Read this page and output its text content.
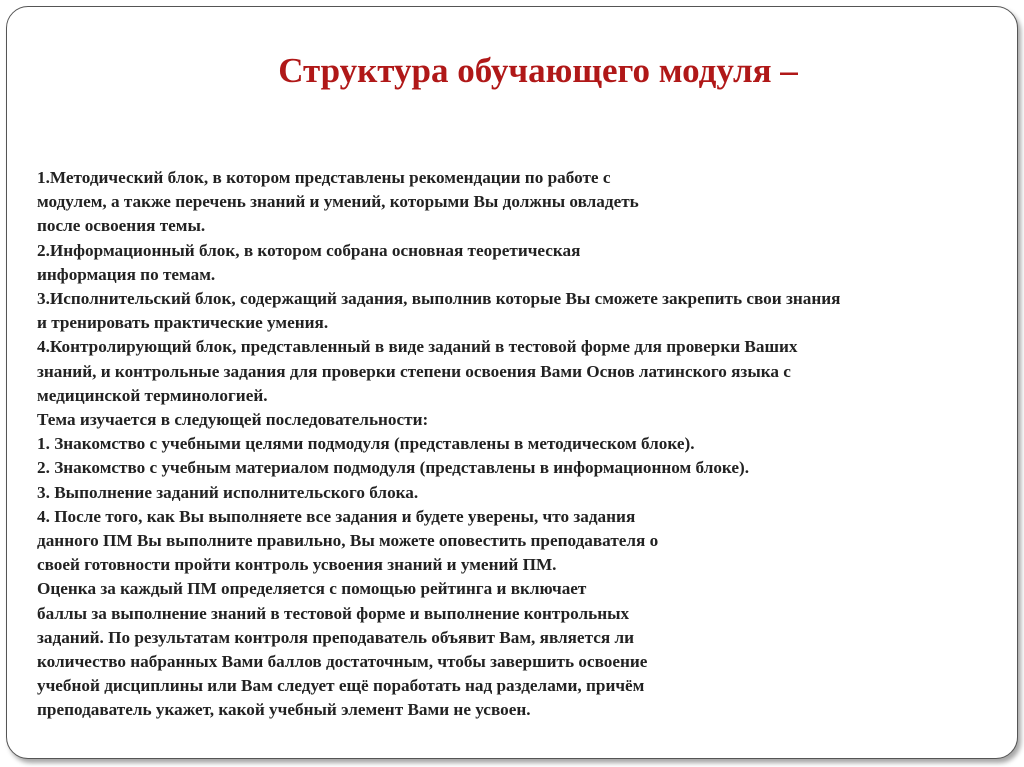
Структура обучающего модуля –
1.Методический блок, в котором представлены рекомендации по работе с
модулем, а также перечень знаний и умений, которыми Вы должны овладеть
после освоения темы.
2.Информационный блок, в котором собрана основная теоретическая
информация по темам.
3.Исполнительский блок, содержащий задания, выполнив которые Вы сможете закрепить свои знания
и тренировать практические умения.
4.Контролирующий блок, представленный в виде заданий в тестовой форме для проверки Ваших
знаний, и контрольные задания для проверки степени освоения Вами Основ латинского языка с
медицинской терминологией.
Тема изучается в следующей последовательности:
1. Знакомство с учебными целями подмодуля (представлены в методическом блоке).
2. Знакомство с учебным материалом подмодуля (представлены в информационном блоке).
3. Выполнение заданий исполнительского блока.
4. После того, как Вы выполняете все задания и будете уверены, что задания
данного ПМ Вы выполните правильно, Вы можете оповестить преподавателя о
своей готовности пройти контроль усвоения знаний и умений ПМ.
Оценка за каждый ПМ определяется с помощью рейтинга и включает
баллы за выполнение знаний в тестовой форме и выполнение контрольных
заданий. По результатам контроля преподаватель объявит Вам, является ли
количество набранных Вами баллов достаточным, чтобы завершить освоение
учебной дисциплины или Вам следует ещё поработать над разделами, причём
преподаватель укажет, какой учебный элемент Вами не усвоен.
